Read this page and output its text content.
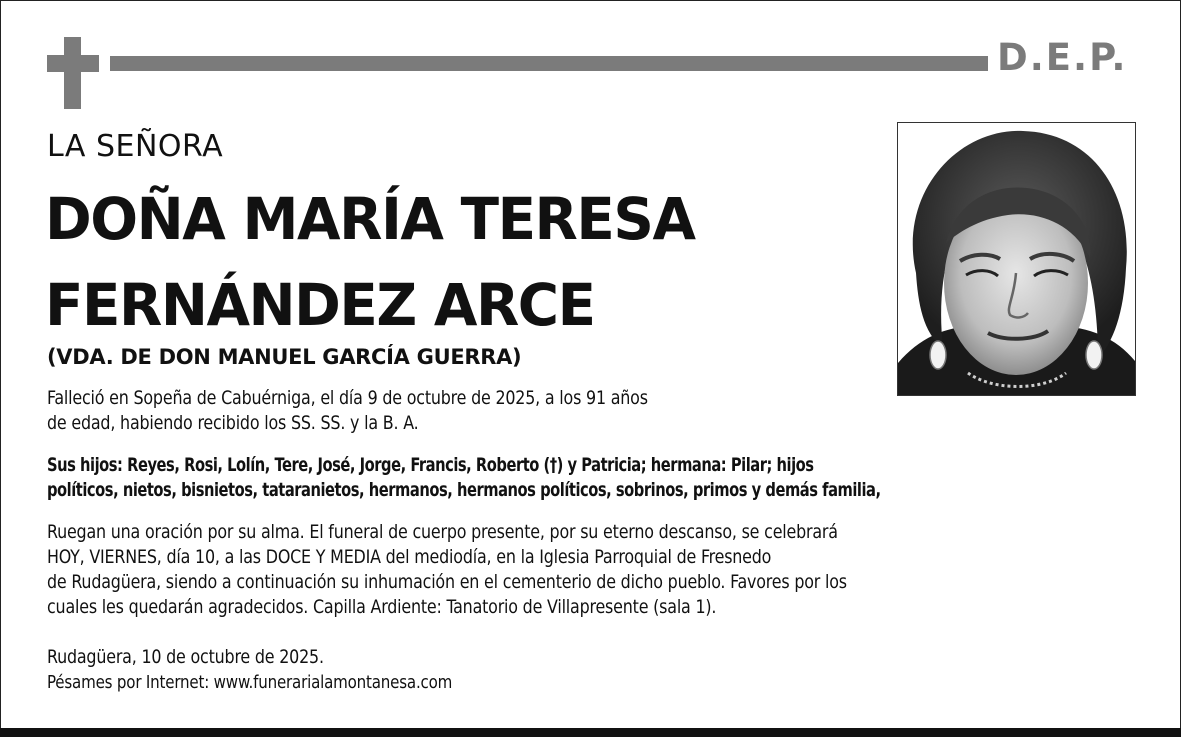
D.E.P.
LA SEÑORA
DOÑA MARÍA TERESA
FERNÁNDEZ ARCE
(VDA. DE DON MANUEL GARCÍA GUERRA)

Falleció en Sopeña de Cabuérniga, el día 9 de octubre de 2025, a los 91 años
de edad, habiendo recibido los SS. SS. y la B. A.

Sus hijos: Reyes, Rosi, Lolín, Tere, José, Jorge, Francis, Roberto (†) y Patricia; hermana: Pilar; hijos
políticos, nietos, bisnietos, tataranietos, hermanos, hermanos políticos, sobrinos, primos y demás familia,

Ruegan una oración por su alma. El funeral de cuerpo presente, por su eterno descanso, se celebrará
HOY, VIERNES, día 10, a las DOCE Y MEDIA del mediodía, en la Iglesia Parroquial de Fresnedo
de Rudagüera, siendo a continuación su inhumación en el cementerio de dicho pueblo. Favores por los
cuales les quedarán agradecidos. Capilla Ardiente: Tanatorio de Villapresente (sala 1).

Rudagüera, 10 de octubre de 2025.
Pésames por Internet: www.funerarialamontanesa.com
